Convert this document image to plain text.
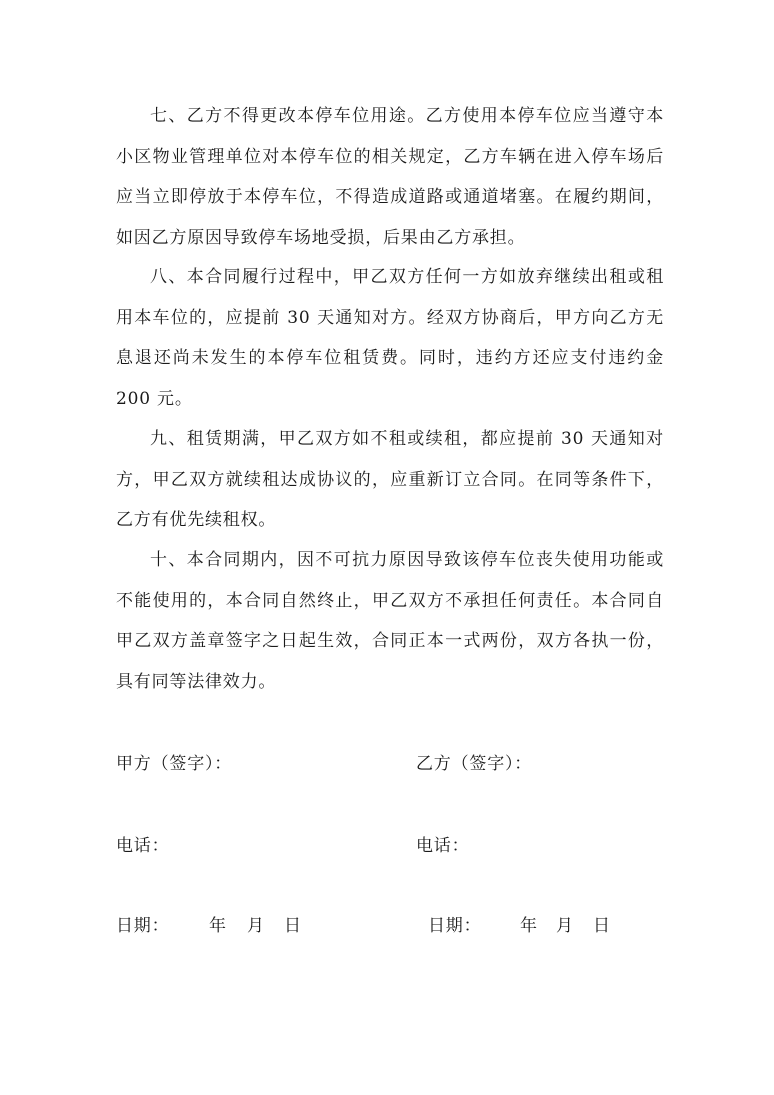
七、乙方不得更改本停车位用途。乙方使用本停车位应当遵守本小区物业管理单位对本停车位的相关规定，乙方车辆在进入停车场后应当立即停放于本停车位，不得造成道路或通道堵塞。在履约期间，如因乙方原因导致停车场地受损，后果由乙方承担。

八、本合同履行过程中，甲乙双方任何一方如放弃继续出租或租用本车位的，应提前 30 天通知对方。经双方协商后，甲方向乙方无息退还尚未发生的本停车位租赁费。同时，违约方还应支付违约金 200 元。

九、租赁期满，甲乙双方如不租或续租，都应提前 30 天通知对方，甲乙双方就续租达成协议的，应重新订立合同。在同等条件下，乙方有优先续租权。

十、本合同期内，因不可抗力原因导致该停车位丧失使用功能或不能使用的，本合同自然终止，甲乙双方不承担任何责任。本合同自甲乙双方盖章签字之日起生效，合同正本一式两份，双方各执一份，具有同等法律效力。

甲方（签字）：	乙方（签字）：
电话：	电话：
日期： 年 月 日	日期： 年 月 日
